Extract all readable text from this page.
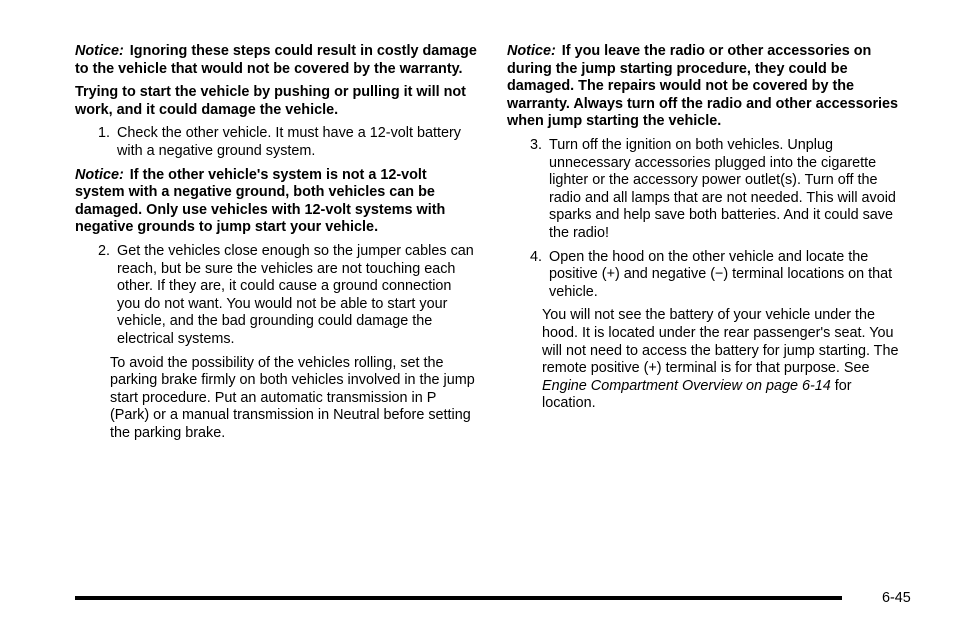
Notice: Ignoring these steps could result in costly damage to the vehicle that would not be covered by the warranty.

Trying to start the vehicle by pushing or pulling it will not work, and it could damage the vehicle.

1. Check the other vehicle. It must have a 12-volt battery with a negative ground system.

Notice: If the other vehicle's system is not a 12-volt system with a negative ground, both vehicles can be damaged. Only use vehicles with 12-volt systems with negative grounds to jump start your vehicle.

2. Get the vehicles close enough so the jumper cables can reach, but be sure the vehicles are not touching each other. If they are, it could cause a ground connection you do not want. You would not be able to start your vehicle, and the bad grounding could damage the electrical systems.

To avoid the possibility of the vehicles rolling, set the parking brake firmly on both vehicles involved in the jump start procedure. Put an automatic transmission in P (Park) or a manual transmission in Neutral before setting the parking brake.

Notice: If you leave the radio or other accessories on during the jump starting procedure, they could be damaged. The repairs would not be covered by the warranty. Always turn off the radio and other accessories when jump starting the vehicle.

3. Turn off the ignition on both vehicles. Unplug unnecessary accessories plugged into the cigarette lighter or the accessory power outlet(s). Turn off the radio and all lamps that are not needed. This will avoid sparks and help save both batteries. And it could save the radio!
4. Open the hood on the other vehicle and locate the positive (+) and negative (−) terminal locations on that vehicle.

You will not see the battery of your vehicle under the hood. It is located under the rear passenger's seat. You will not need to access the battery for jump starting. The remote positive (+) terminal is for that purpose. See Engine Compartment Overview on page 6-14 for location.

6-45
